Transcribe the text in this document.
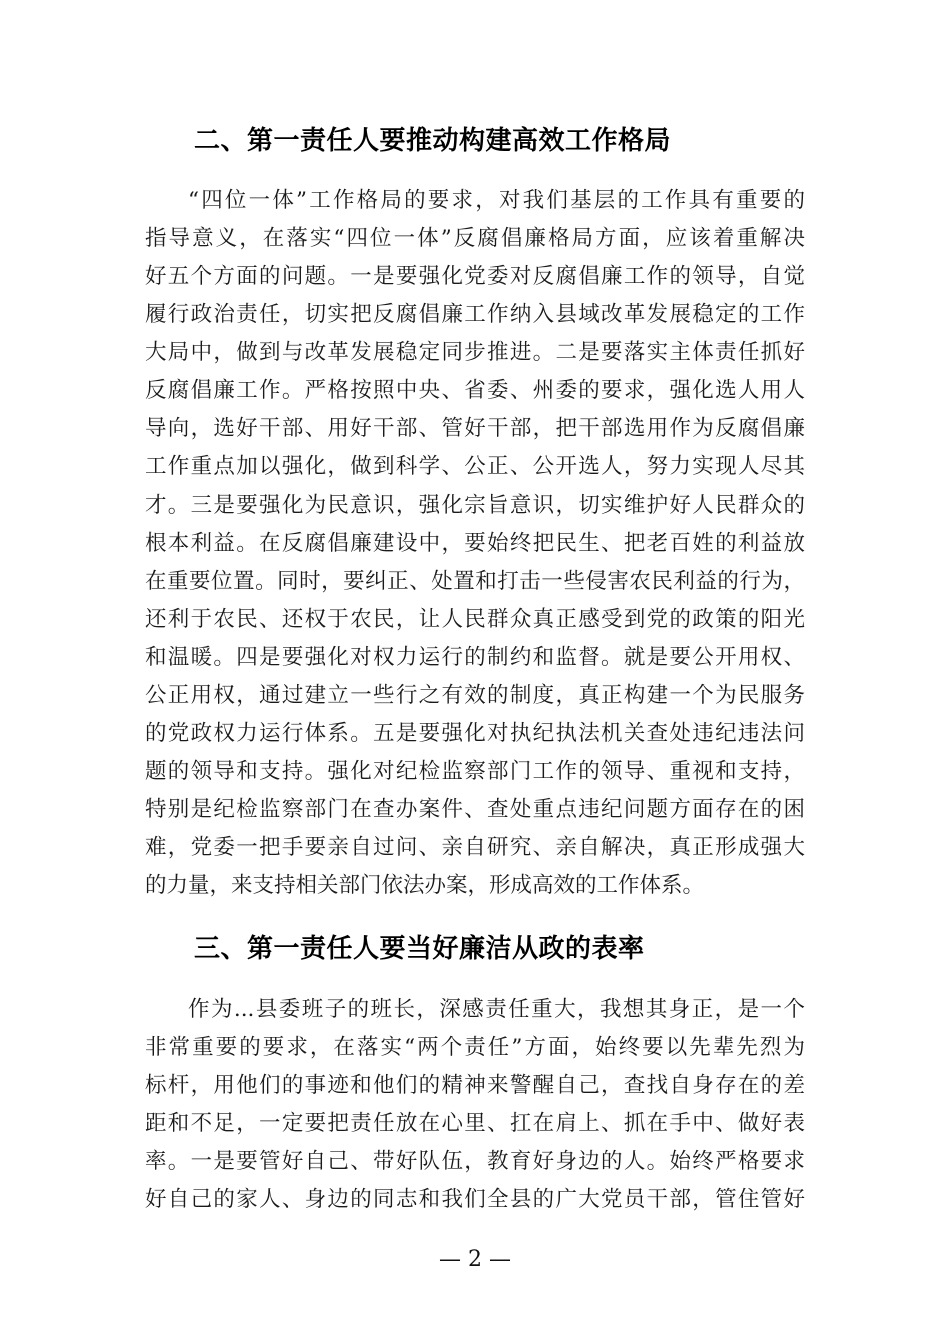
二、第一责任人要推动构建高效工作格局
“四位一体”工作格局的要求，对我们基层的工作具有重要的
指导意义，在落实“四位一体”反腐倡廉格局方面，应该着重解决
好五个方面的问题。一是要强化党委对反腐倡廉工作的领导，自觉
履行政治责任，切实把反腐倡廉工作纳入县域改革发展稳定的工作
大局中，做到与改革发展稳定同步推进。二是要落实主体责任抓好
反腐倡廉工作。严格按照中央、省委、州委的要求，强化选人用人
导向，选好干部、用好干部、管好干部，把干部选用作为反腐倡廉
工作重点加以强化，做到科学、公正、公开选人，努力实现人尽其
才。三是要强化为民意识，强化宗旨意识，切实维护好人民群众的
根本利益。在反腐倡廉建设中，要始终把民生、把老百姓的利益放
在重要位置。同时，要纠正、处置和打击一些侵害农民利益的行为，
还利于农民、还权于农民，让人民群众真正感受到党的政策的阳光
和温暖。四是要强化对权力运行的制约和监督。就是要公开用权、
公正用权，通过建立一些行之有效的制度，真正构建一个为民服务
的党政权力运行体系。五是要强化对执纪执法机关查处违纪违法问
题的领导和支持。强化对纪检监察部门工作的领导、重视和支持，
特别是纪检监察部门在查办案件、查处重点违纪问题方面存在的困
难，党委一把手要亲自过问、亲自研究、亲自解决，真正形成强大
的力量，来支持相关部门依法办案，形成高效的工作体系。
三、第一责任人要当好廉洁从政的表率
作为...县委班子的班长，深感责任重大，我想其身正，是一个
非常重要的要求，在落实“两个责任”方面，始终要以先辈先烈为
标杆，用他们的事迹和他们的精神来警醒自己，查找自身存在的差
距和不足，一定要把责任放在心里、扛在肩上、抓在手中、做好表
率。一是要管好自己、带好队伍，教育好身边的人。始终严格要求
好自己的家人、身边的同志和我们全县的广大党员干部，管住管好
— 2 —
